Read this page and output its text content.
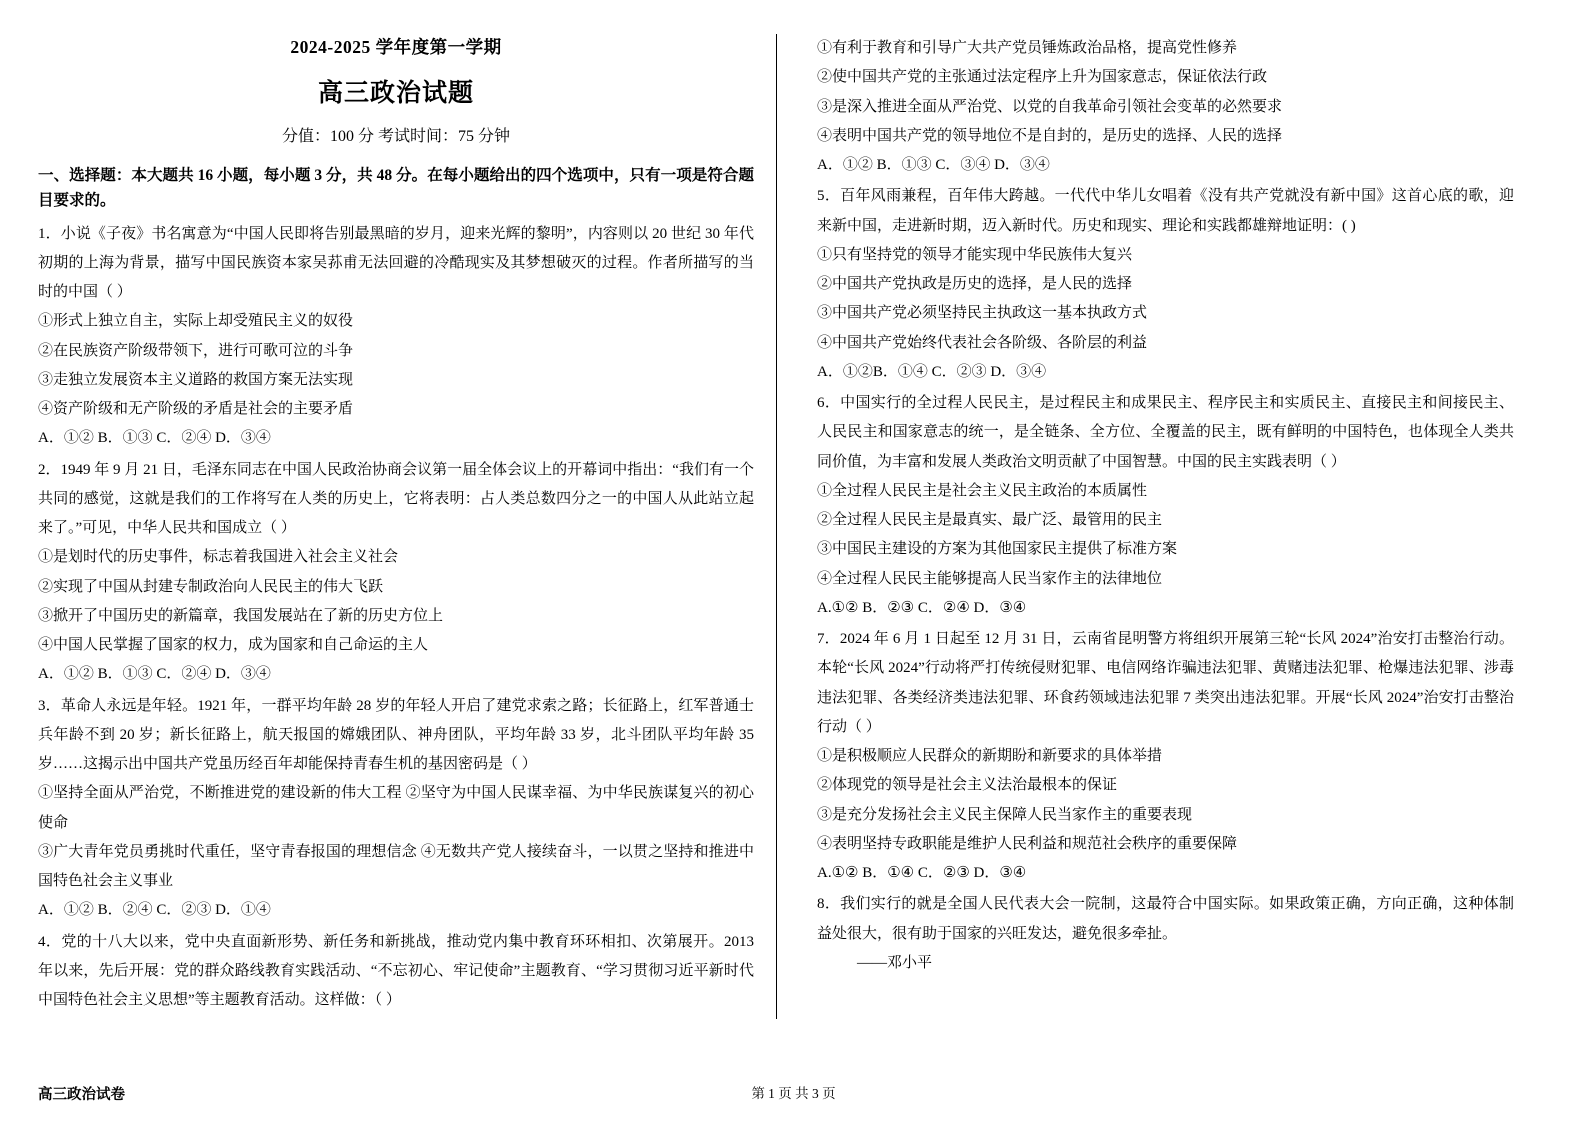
2024-2025 学年度第一学期
高三政治试题
分值：100 分 考试时间：75 分钟
一、选择题：本大题共 16 小题，每小题 3 分，共 48 分。在每小题给出的四个选项中，只有一项是符合题目要求的。

1．小说《子夜》书名寓意为“中国人民即将告别最黑暗的岁月，迎来光辉的黎明”，内容则以 20 世纪 30 年代初期的上海为背景，描写中国民族资本家吴荪甫无法回避的冷酷现实及其梦想破灭的过程。作者所描写的当时的中国（ ）

①形式上独立自主，实际上却受殖民主义的奴役

②在民族资产阶级带领下，进行可歌可泣的斗争

③走独立发展资本主义道路的救国方案无法实现

④资产阶级和无产阶级的矛盾是社会的主要矛盾

A．①② B．①③ C．②④ D．③④

2．1949 年 9 月 21 日，毛泽东同志在中国人民政治协商会议第一届全体会议上的开幕词中指出：“我们有一个共同的感觉，这就是我们的工作将写在人类的历史上，它将表明：占人类总数四分之一的中国人从此站立起来了。”可见，中华人民共和国成立（ ）

①是划时代的历史事件，标志着我国进入社会主义社会

②实现了中国从封建专制政治向人民民主的伟大飞跃

③掀开了中国历史的新篇章，我国发展站在了新的历史方位上

④中国人民掌握了国家的权力，成为国家和自己命运的主人

A．①② B．①③ C．②④ D．③④

3．革命人永远是年轻。1921 年，一群平均年龄 28 岁的年轻人开启了建党求索之路；长征路上，红军普通士兵年龄不到 20 岁；新长征路上，航天报国的嫦娥团队、神舟团队，平均年龄 33 岁，北斗团队平均年龄 35 岁……这揭示出中国共产党虽历经百年却能保持青春生机的基因密码是（ ）

①坚持全面从严治党，不断推进党的建设新的伟大工程 ②坚守为中国人民谋幸福、为中华民族谋复兴的初心使命

③广大青年党员勇挑时代重任，坚守青春报国的理想信念 ④无数共产党人接续奋斗，一以贯之坚持和推进中国特色社会主义事业

A．①② B．②④ C．②③ D．①④

4．党的十八大以来，党中央直面新形势、新任务和新挑战，推动党内集中教育环环相扣、次第展开。2013 年以来，先后开展：党的群众路线教育实践活动、“不忘初心、牢记使命”主题教育、“学习贯彻习近平新时代中国特色社会主义思想”等主题教育活动。这样做：（ ）

①有利于教育和引导广大共产党员锤炼政治品格，提高党性修养

②使中国共产党的主张通过法定程序上升为国家意志，保证依法行政

③是深入推进全面从严治党、以党的自我革命引领社会变革的必然要求

④表明中国共产党的领导地位不是自封的，是历史的选择、人民的选择

A．①② B．①③ C．③④ D．③④

5．百年风雨兼程，百年伟大跨越。一代代中华儿女唱着《没有共产党就没有新中国》这首心底的歌，迎来新中国，走进新时期，迈入新时代。历史和现实、理论和实践都雄辩地证明：( )

①只有坚持党的领导才能实现中华民族伟大复兴

②中国共产党执政是历史的选择，是人民的选择

③中国共产党必须坚持民主执政这一基本执政方式

④中国共产党始终代表社会各阶级、各阶层的利益

A．①②B．①④ C．②③ D．③④

6．中国实行的全过程人民民主，是过程民主和成果民主、程序民主和实质民主、直接民主和间接民主、人民民主和国家意志的统一，是全链条、全方位、全覆盖的民主，既有鲜明的中国特色，也体现全人类共同价值，为丰富和发展人类政治文明贡献了中国智慧。中国的民主实践表明（ ）

①全过程人民民主是社会主义民主政治的本质属性

②全过程人民民主是最真实、最广泛、最管用的民主

③中国民主建设的方案为其他国家民主提供了标准方案

④全过程人民民主能够提高人民当家作主的法律地位

A.①② B．②③ C．②④ D．③④

7．2024 年 6 月 1 日起至 12 月 31 日，云南省昆明警方将组织开展第三轮“长风 2024”治安打击整治行动。本轮“长风 2024”行动将严打传统侵财犯罪、电信网络诈骗违法犯罪、黄赌违法犯罪、枪爆违法犯罪、涉毒违法犯罪、各类经济类违法犯罪、环食药领域违法犯罪 7 类突出违法犯罪。开展“长风 2024”治安打击整治行动（ ）

①是积极顺应人民群众的新期盼和新要求的具体举措

②体现党的领导是社会主义法治最根本的保证

③是充分发扬社会主义民主保障人民当家作主的重要表现

④表明坚持专政职能是维护人民利益和规范社会秩序的重要保障

A.①② B．①④ C．②③ D．③④

8．我们实行的就是全国人民代表大会一院制，这最符合中国实际。如果政策正确，方向正确，这种体制益处很大，很有助于国家的兴旺发达，避免很多牵扯。

——邓小平

高三政治试卷	第 1 页 共 3 页
